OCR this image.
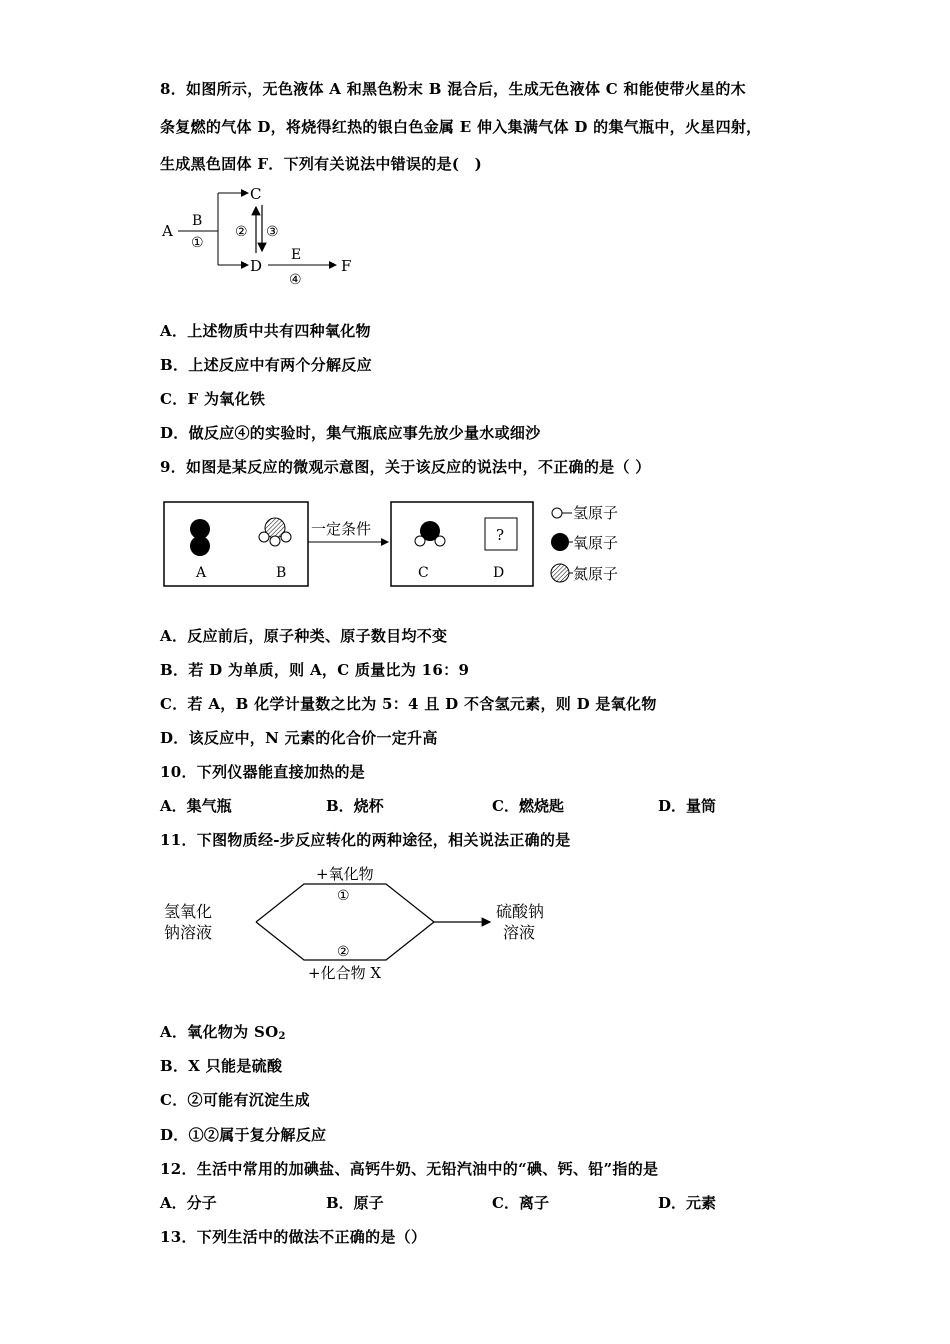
8．如图所示，无色液体 A 和黑色粉末 B 混合后，生成无色液体 C 和能使带火星的木
条复燃的气体 D，将烧得红热的银白色金属 E 伸入集满气体 D 的集气瓶中，火星四射，
生成黑色固体 F．下列有关说法中错误的是(　)
A
B
①
C
D
② ③
E
④
F
A．上述物质中共有四种氧化物
B．上述反应中有两个分解反应
C．F 为氧化铁
D．做反应④的实验时，集气瓶底应事先放少量水或细沙
9．如图是某反应的微观示意图，关于该反应的说法中，不正确的是（ ）
A	B
一定条件
C
?
D
氢原子
氧原子
氮原子
A．反应前后，原子种类、原子数目均不变
B．若 D 为单质，则 A，C 质量比为 16：9
C．若 A，B 化学计量数之比为 5：4 且 D 不含氢元素，则 D 是氧化物
D．该反应中，N 元素的化合价一定升高
10．下列仪器能直接加热的是
A．集气瓶	B．烧杯	C．燃烧匙	D．量筒
11．下图物质经-步反应转化的两种途径，相关说法正确的是
氢氧化
钠溶液
+氧化物
①
②
+化合物 X
硫酸钠
溶液
A．氧化物为 $SO_2$
B．X 只能是硫酸
C．②可能有沉淀生成
D．①②属于复分解反应
12．生活中常用的加碘盐、高钙牛奶、无铅汽油中的“碘、钙、铅”指的是
A．分子	B．原子	C．离子	D．元素
13．下列生活中的做法不正确的是（）
